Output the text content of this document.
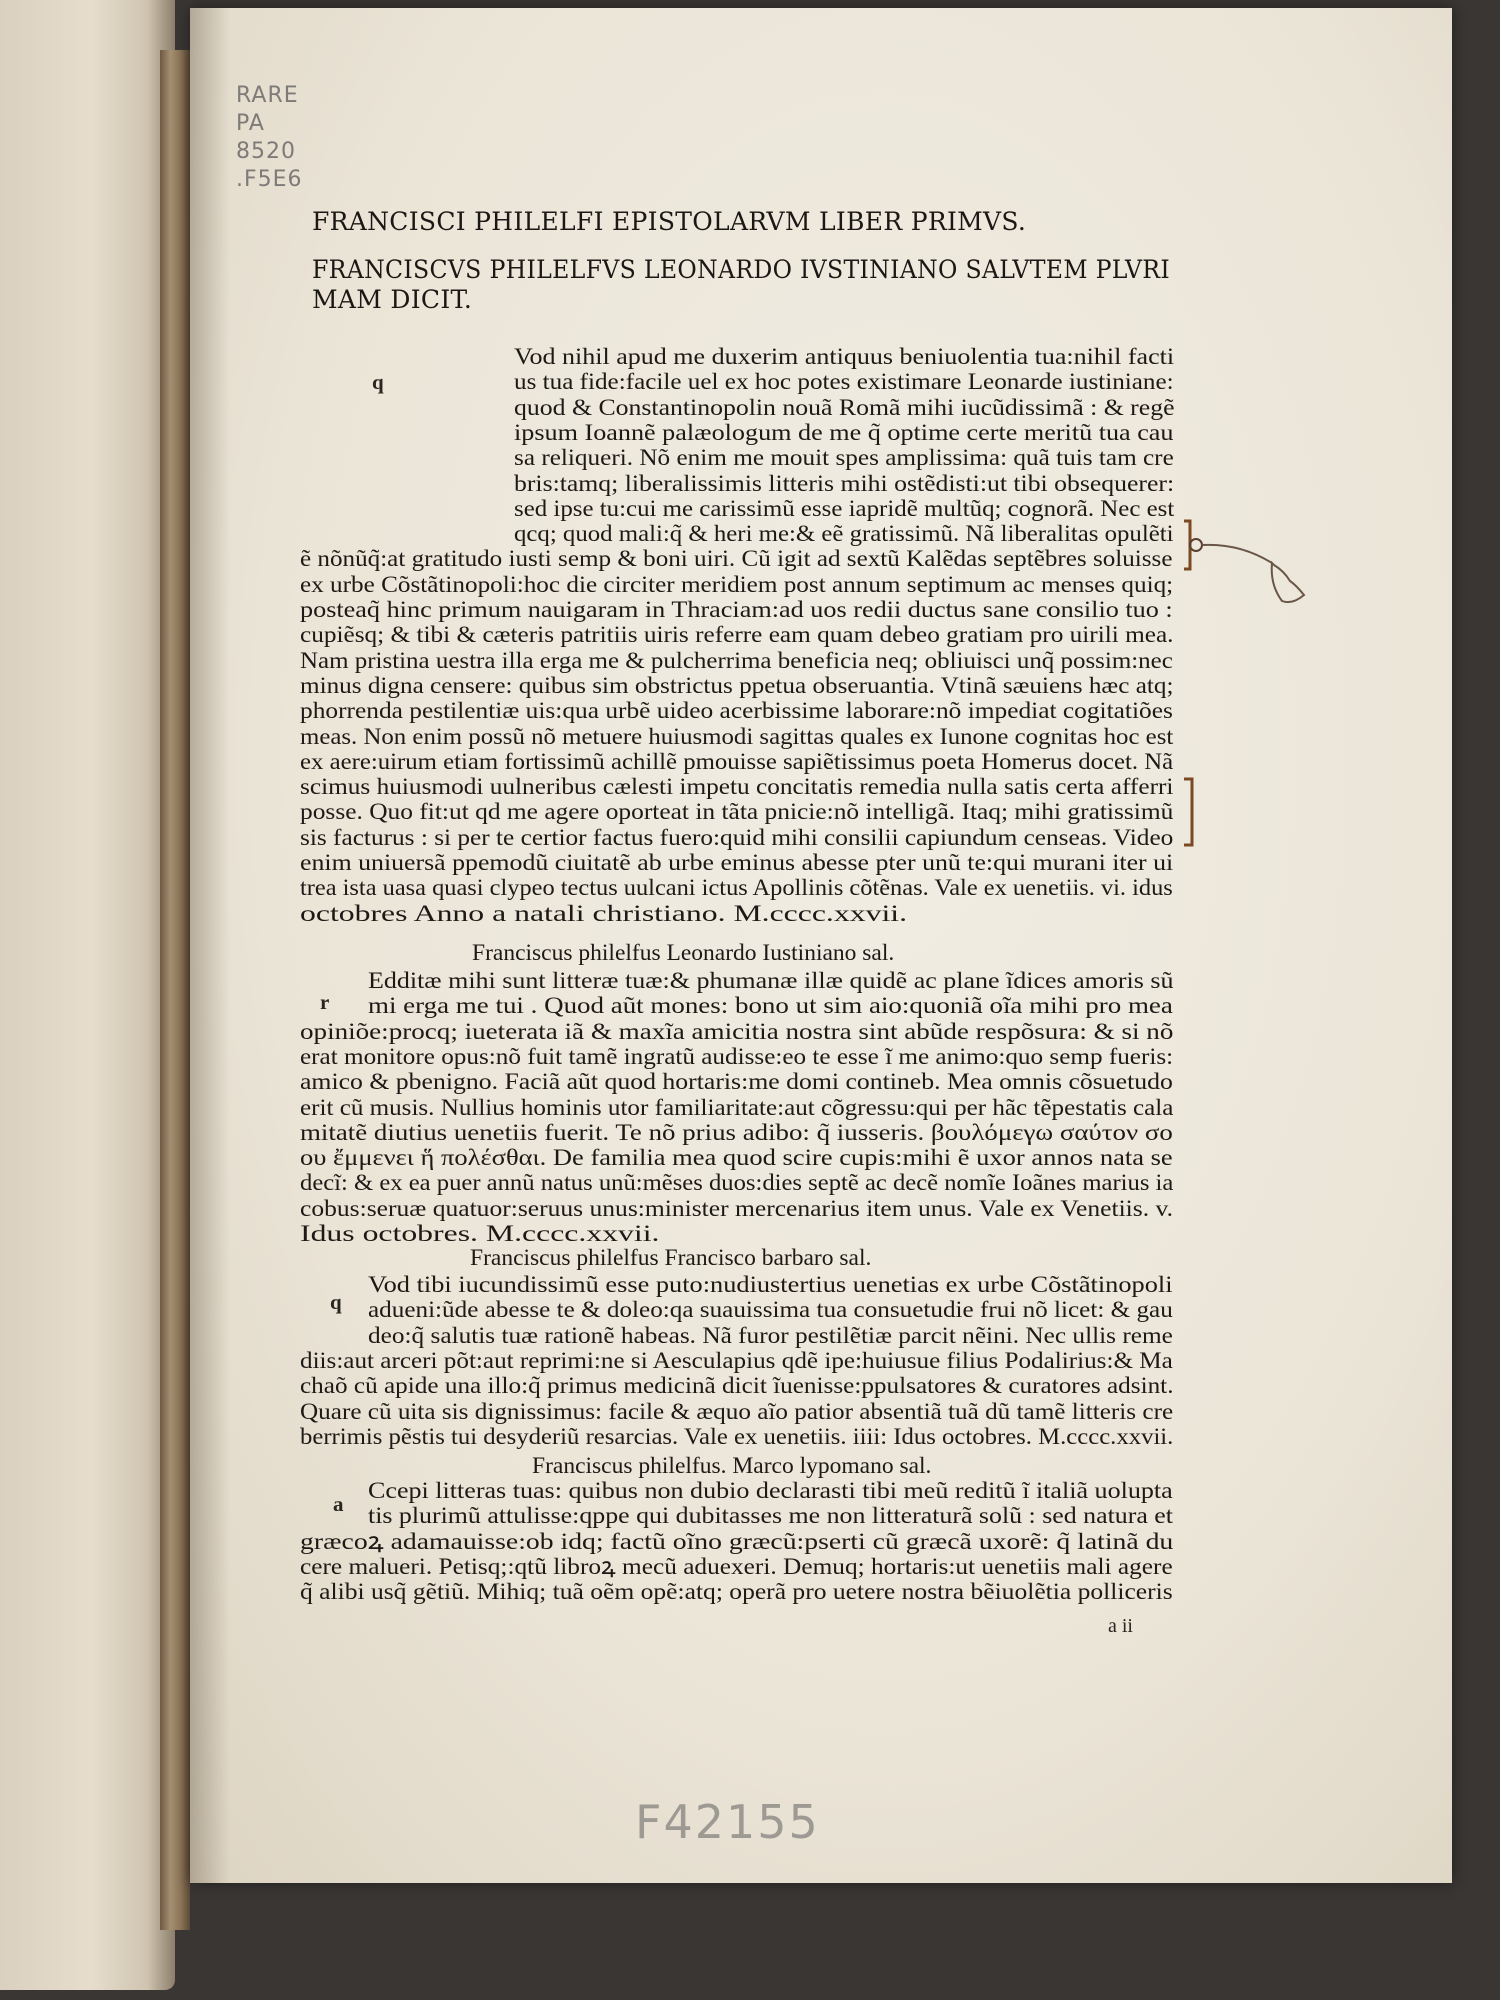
RARE
PA
8520
.F5E6
FRANCISCI PHILELFI EPISTOLARVM LIBER PRIMVS.
FRANCISCVS PHILELFVS LEONARDO IVSTINIANO SALVTEM PLVRI
MAM DICIT.
q
r
q
a
Vod nihil apud me duxerim antiquus beniuolentia tua:nihil facti
us tua fide:facile uel ex hoc potes existimare Leonarde iustiniane:
quod & Constantinopolin nouã Romã mihi iucũdissimã : & regẽ
ipsum Ioannẽ palæologum de me q̃ optime certe meritũ tua cau
sa reliqueri. Nõ enim me mouit spes amplissima: quã tuis tam cre
bris:tamq; liberalissimis litteris mihi ostẽdisti:ut tibi obsequerer:
sed ipse tu:cui me carissimũ esse iapridẽ multũq; cognorã. Nec est
qcq; quod mali:q̃ & heri me:& eẽ gratissimũ. Nã liberalitas opulẽti
ẽ nõnũq̃:at gratitudo iusti semp & boni uiri. Cũ igit ad sextũ Kalẽdas septẽbres soluisse
ex urbe Cõstãtinopoli:hoc die circiter meridiem post annum septimum ac menses quiq;
posteaq̃ hinc primum nauigaram in Thraciam:ad uos redii ductus sane consilio tuo :
cupiẽsq; & tibi & cæteris patritiis uiris referre eam quam debeo gratiam pro uirili mea.
Nam pristina uestra illa erga me & pulcherrima beneficia neq; obliuisci unq̃ possim:nec
minus digna censere: quibus sim obstrictus ppetua obseruantia. Vtinã sæuiens hæc atq;
phorrenda pestilentiæ uis:qua urbẽ uideo acerbissime laborare:nõ impediat cogitatiões
meas. Non enim possũ nõ metuere huiusmodi sagittas quales ex Iunone cognitas hoc est
ex aere:uirum etiam fortissimũ achillẽ pmouisse sapiẽtissimus poeta Homerus docet. Nã
scimus huiusmodi uulneribus cælesti impetu concitatis remedia nulla satis certa afferri
posse. Quo fit:ut qd me agere oporteat in tãta pnicie:nõ intelligã. Itaq; mihi gratissimũ
sis facturus : si per te certior factus fuero:quid mihi consilii capiundum censeas. Video
enim uniuersã ppemodũ ciuitatẽ ab urbe eminus abesse pter unũ te:qui murani iter ui
trea ista uasa quasi clypeo tectus uulcani ictus Apollinis cõtẽnas. Vale ex uenetiis. vi. idus
octobres Anno a natali christiano. M.cccc.xxvii.
Franciscus philelfus Leonardo Iustiniano sal.
Edditæ mihi sunt litteræ tuæ:& phumanæ illæ quidẽ ac plane ĩdices amoris sũ
mi erga me tui . Quod aũt mones: bono ut sim aio:quoniã oĩa mihi pro mea
opiniõe:procq; iueterata iã & maxĩa amicitia nostra sint abũde respõsura: & si nõ
erat monitore opus:nõ fuit tamẽ ingratũ audisse:eo te esse ĩ me animo:quo semp fueris:
amico & pbenigno. Faciã aũt quod hortaris:me domi contineb. Mea omnis cõsuetudo
erit cũ musis. Nullius hominis utor familiaritate:aut cõgressu:qui per hãc tẽpestatis cala
mitatẽ diutius uenetiis fuerit. Te nõ prius adibo: q̃ iusseris. βουλόμεγω σαύτον σο
ου ἔμμενει ἥ πολέσθαι. De familia mea quod scire cupis:mihi ẽ uxor annos nata se
decĩ: & ex ea puer annũ natus unũ:mẽses duos:dies septẽ ac decẽ nomĩe Ioãnes marius ia
cobus:seruæ quatuor:seruus unus:minister mercenarius item unus. Vale ex Venetiis. v.
Idus octobres. M.cccc.xxvii.
Franciscus philelfus Francisco barbaro sal.
Vod tibi iucundissimũ esse puto:nudiustertius uenetias ex urbe Cõstãtinopoli
adueni:ũde abesse te & doleo:qa suauissima tua consuetudie frui nõ licet: & gau
deo:q̃ salutis tuæ rationẽ habeas. Nã furor pestilẽtiæ parcit nẽini. Nec ullis reme
diis:aut arceri põt:aut reprimi:ne si Aesculapius qdẽ ipe:huiusue filius Podalirius:& Ma
chaõ cũ apide una illo:q̃ primus medicinã dicit ĩuenisse:ppulsatores & curatores adsint.
Quare cũ uita sis dignissimus: facile & æquo aĩo patior absentiã tuã dũ tamẽ litteris cre
berrimis pẽstis tui desyderiũ resarcias. Vale ex uenetiis. iiii: Idus octobres. M.cccc.xxvii.
Franciscus philelfus. Marco lypomano sal.
Ccepi litteras tuas: quibus non dubio declarasti tibi meũ reditũ ĩ italiã uolupta
tis plurimũ attulisse:qppe qui dubitasses me non litteraturã solũ : sed natura et
græcoꝝ adamauisse:ob idq; factũ oĩno græcũ:pserti cũ græcã uxorẽ: q̃ latinã du
cere malueri. Petisq;:qtũ libroꝝ mecũ aduexeri. Demuq; hortaris:ut uenetiis mali agere
q̃ alibi usq̃ gẽtiũ. Mihiq; tuã oẽm opẽ:atq; operã pro uetere nostra bẽiuolẽtia polliceris
a ii
F42155
